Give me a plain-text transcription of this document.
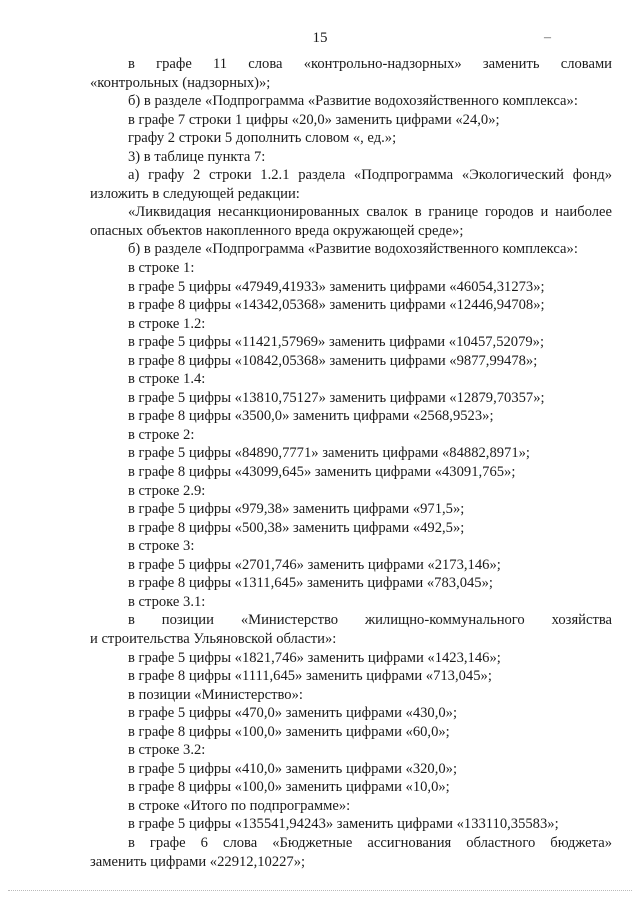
15	–
в графе 11 слова «контрольно-надзорных» заменить словами
«контрольных (надзорных)»;
б) в разделе «Подпрограмма «Развитие водохозяйственного комплекса»:
в графе 7 строки 1 цифры «20,0» заменить цифрами «24,0»;
графу 2 строки 5 дополнить словом «, ед.»;
3) в таблице пункта 7:
а) графу 2 строки 1.2.1 раздела «Подпрограмма «Экологический фонд»
изложить в следующей редакции:
«Ликвидация несанкционированных свалок в границе городов и наиболее
опасных объектов накопленного вреда окружающей среде»;
б) в разделе «Подпрограмма «Развитие водохозяйственного комплекса»:
в строке 1:
в графе 5 цифры «47949,41933» заменить цифрами «46054,31273»;
в графе 8 цифры «14342,05368» заменить цифрами «12446,94708»;
в строке 1.2:
в графе 5 цифры «11421,57969» заменить цифрами «10457,52079»;
в графе 8 цифры «10842,05368» заменить цифрами «9877,99478»;
в строке 1.4:
в графе 5 цифры «13810,75127» заменить цифрами «12879,70357»;
в графе 8 цифры «3500,0» заменить цифрами «2568,9523»;
в строке 2:
в графе 5 цифры «84890,7771» заменить цифрами «84882,8971»;
в графе 8 цифры «43099,645» заменить цифрами «43091,765»;
в строке 2.9:
в графе 5 цифры «979,38» заменить цифрами «971,5»;
в графе 8 цифры «500,38» заменить цифрами «492,5»;
в строке 3:
в графе 5 цифры «2701,746» заменить цифрами «2173,146»;
в графе 8 цифры «1311,645» заменить цифрами «783,045»;
в строке 3.1:
в позиции «Министерство жилищно-коммунального хозяйства
и строительства Ульяновской области»:
в графе 5 цифры «1821,746» заменить цифрами «1423,146»;
в графе 8 цифры «1111,645» заменить цифрами «713,045»;
в позиции «Министерство»:
в графе 5 цифры «470,0» заменить цифрами «430,0»;
в графе 8 цифры «100,0» заменить цифрами «60,0»;
в строке 3.2:
в графе 5 цифры «410,0» заменить цифрами «320,0»;
в графе 8 цифры «100,0» заменить цифрами «10,0»;
в строке «Итого по подпрограмме»:
в графе 5 цифры «135541,94243» заменить цифрами «133110,35583»;
в графе 6 слова «Бюджетные ассигнования областного бюджета»
заменить цифрами «22912,10227»;
